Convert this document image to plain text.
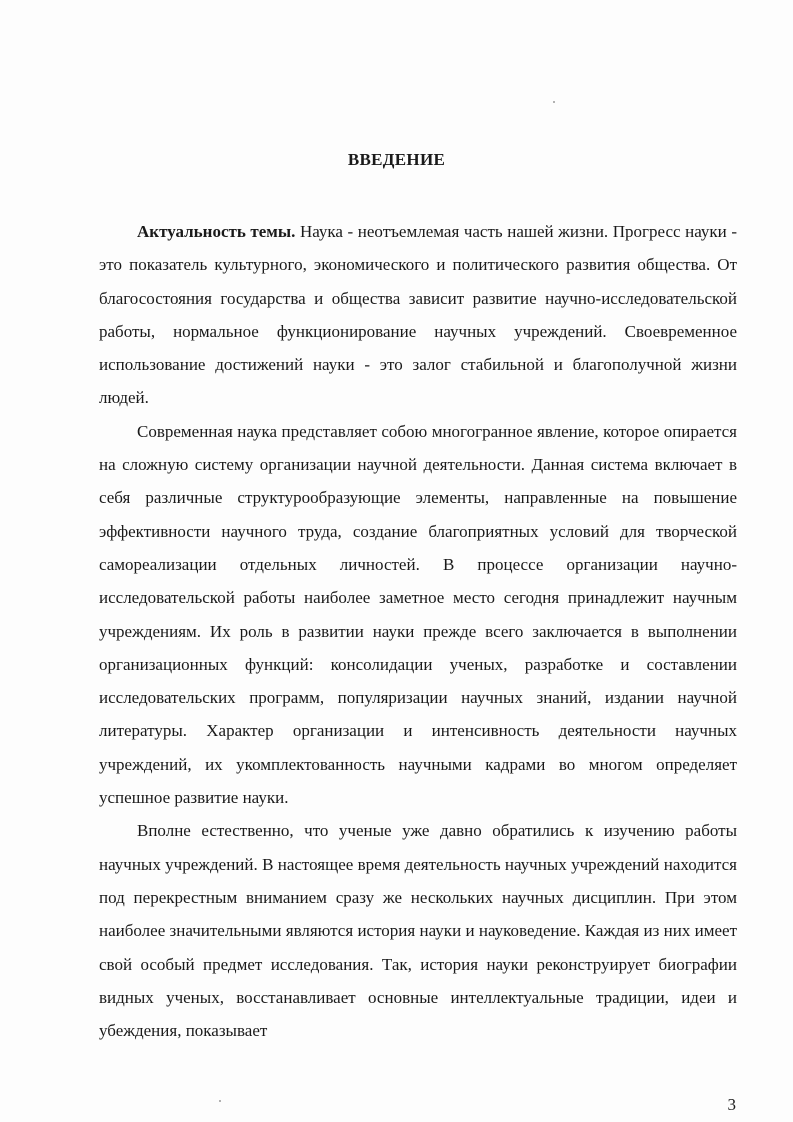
ВВЕДЕНИЕ

Актуальность темы. Наука - неотъемлемая часть нашей жизни. Прогресс науки - это показатель культурного, экономического и политического развития общества. От благосостояния государства и общества зависит развитие научно-исследовательской работы, нормальное функционирование научных учреждений. Своевременное использование достижений науки - это залог стабильной и благополучной жизни людей.

Современная наука представляет собою многогранное явление, которое опирается на сложную систему организации научной деятельности. Данная система включает в себя различные структурообразующие элементы, направленные на повышение эффективности научного труда, создание благоприятных условий для творческой самореализации отдельных личностей. В процессе организации научно-исследовательской работы наиболее заметное место сегодня принадлежит научным учреждениям. Их роль в развитии науки прежде всего заключается в выполнении организационных функций: консолидации ученых, разработке и составлении исследовательских программ, популяризации научных знаний, издании научной литературы. Характер организации и интенсивность деятельности научных учреждений, их укомплектованность научными кадрами во многом определяет успешное развитие науки.

Вполне естественно, что ученые уже давно обратились к изучению работы научных учреждений. В настоящее время деятельность научных учреждений находится под перекрестным вниманием сразу же нескольких научных дисциплин. При этом наиболее значительными являются история науки и науковедение. Каждая из них имеет свой особый предмет исследования. Так, история науки реконструирует биографии видных ученых, восстанавливает основные интеллектуальные традиции, идеи и убеждения, показывает

3
